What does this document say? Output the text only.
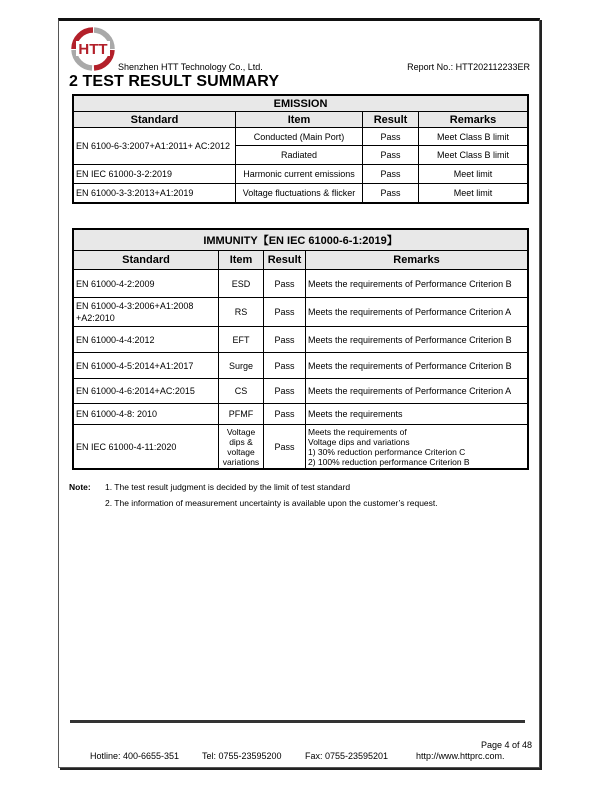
HTT
Shenzhen HTT Technology Co., Ltd.	Report No.: HTT202112233ER
2 TEST RESULT SUMMARY
EMISSION			
Standard	Item	Result	Remarks
EN 6100-6-3:2007+A1:2011+ AC:2012	Conducted (Main Port)	Pass	Meet Class B limit
	Radiated	Pass	Meet Class B limit
EN IEC 61000-3-2:2019	Harmonic current emissions	Pass	Meet limit
EN 61000-3-3:2013+A1:2019	Voltage fluctuations & flicker	Pass	Meet limit
IMMUNITY【EN IEC 61000-6-1:2019】			
Standard	Item	Result	Remarks
EN 61000-4-2:2009	ESD	Pass	Meets the requirements of Performance Criterion B
EN 61000-4-3:2006+A1:2008 +A2:2010	RS	Pass	Meets the requirements of Performance Criterion A
EN 61000-4-4:2012	EFT	Pass	Meets the requirements of Performance Criterion B
EN 61000-4-5:2014+A1:2017	Surge	Pass	Meets the requirements of Performance Criterion B
EN 61000-4-6:2014+AC:2015	CS	Pass	Meets the requirements of Performance Criterion A
EN 61000-4-8: 2010	PFMF	Pass	Meets the requirements
EN IEC 61000-4-11:2020	Voltage dips & voltage variations	Pass	Meets the requirements of
Voltage dips and variations
1) 30% reduction performance Criterion C
2) 100% reduction performance Criterion B
Note: 1. The test result judgment is decided by the limit of test standard
2. The information of measurement uncertainty is available upon the customer’s request.
Page 4 of 48
Hotline: 400-6655-351	Tel: 0755-23595200	Fax: 0755-23595201	http://www.httprc.com.
